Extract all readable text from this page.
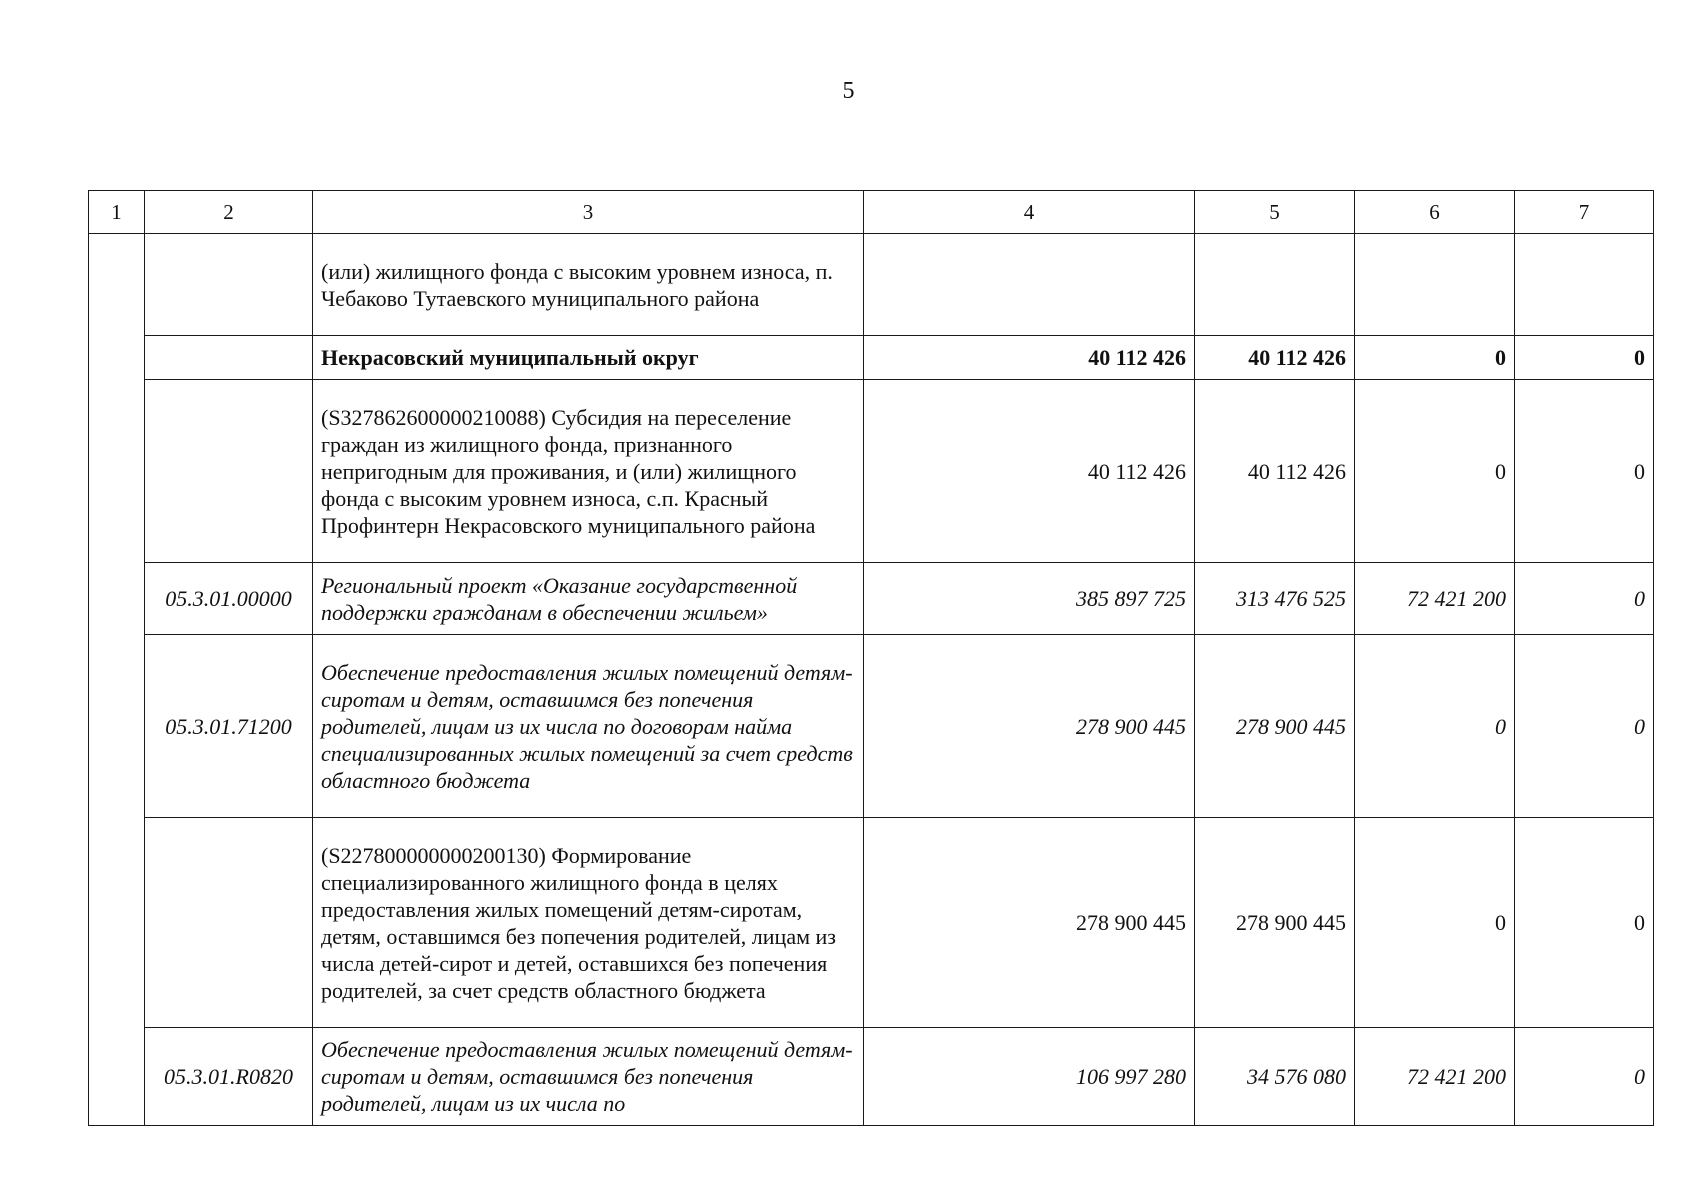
5
1	2	3	4	5	6	7
		(или) жилищного фонда с высоким уровнем износа, п. Чебаково Тутаевского муниципального района				
		Некрасовский муниципальный округ	40 112 426	40 112 426	0	0
		(S327862600000210088) Субсидия на переселение граждан из жилищного фонда, признанного непригодным для проживания, и (или) жилищного фонда с высоким уровнем износа, с.п. Красный Профинтерн Некрасовского муниципального района	40 112 426	40 112 426	0	0
	05.3.01.00000	Региональный проект «Оказание государственной поддержки гражданам в обеспечении жильем»	385 897 725	313 476 525	72 421 200	0
	05.3.01.71200	Обеспечение предоставления жилых помещений детям-сиротам и детям, оставшимся без попечения родителей, лицам из их числа по договорам найма специализированных жилых помещений за счет средств областного бюджета	278 900 445	278 900 445	0	0
		(S227800000000200130) Формирование специализированного жилищного фонда в целях предоставления жилых помещений детям-сиротам, детям, оставшимся без попечения родителей, лицам из числа детей-сирот и детей, оставшихся без попечения родителей, за счет средств областного бюджета	278 900 445	278 900 445	0	0
	05.3.01.R0820	Обеспечение предоставления жилых помещений детям-сиротам и детям, оставшимся без попечения родителей, лицам из их числа по	106 997 280	34 576 080	72 421 200	0
